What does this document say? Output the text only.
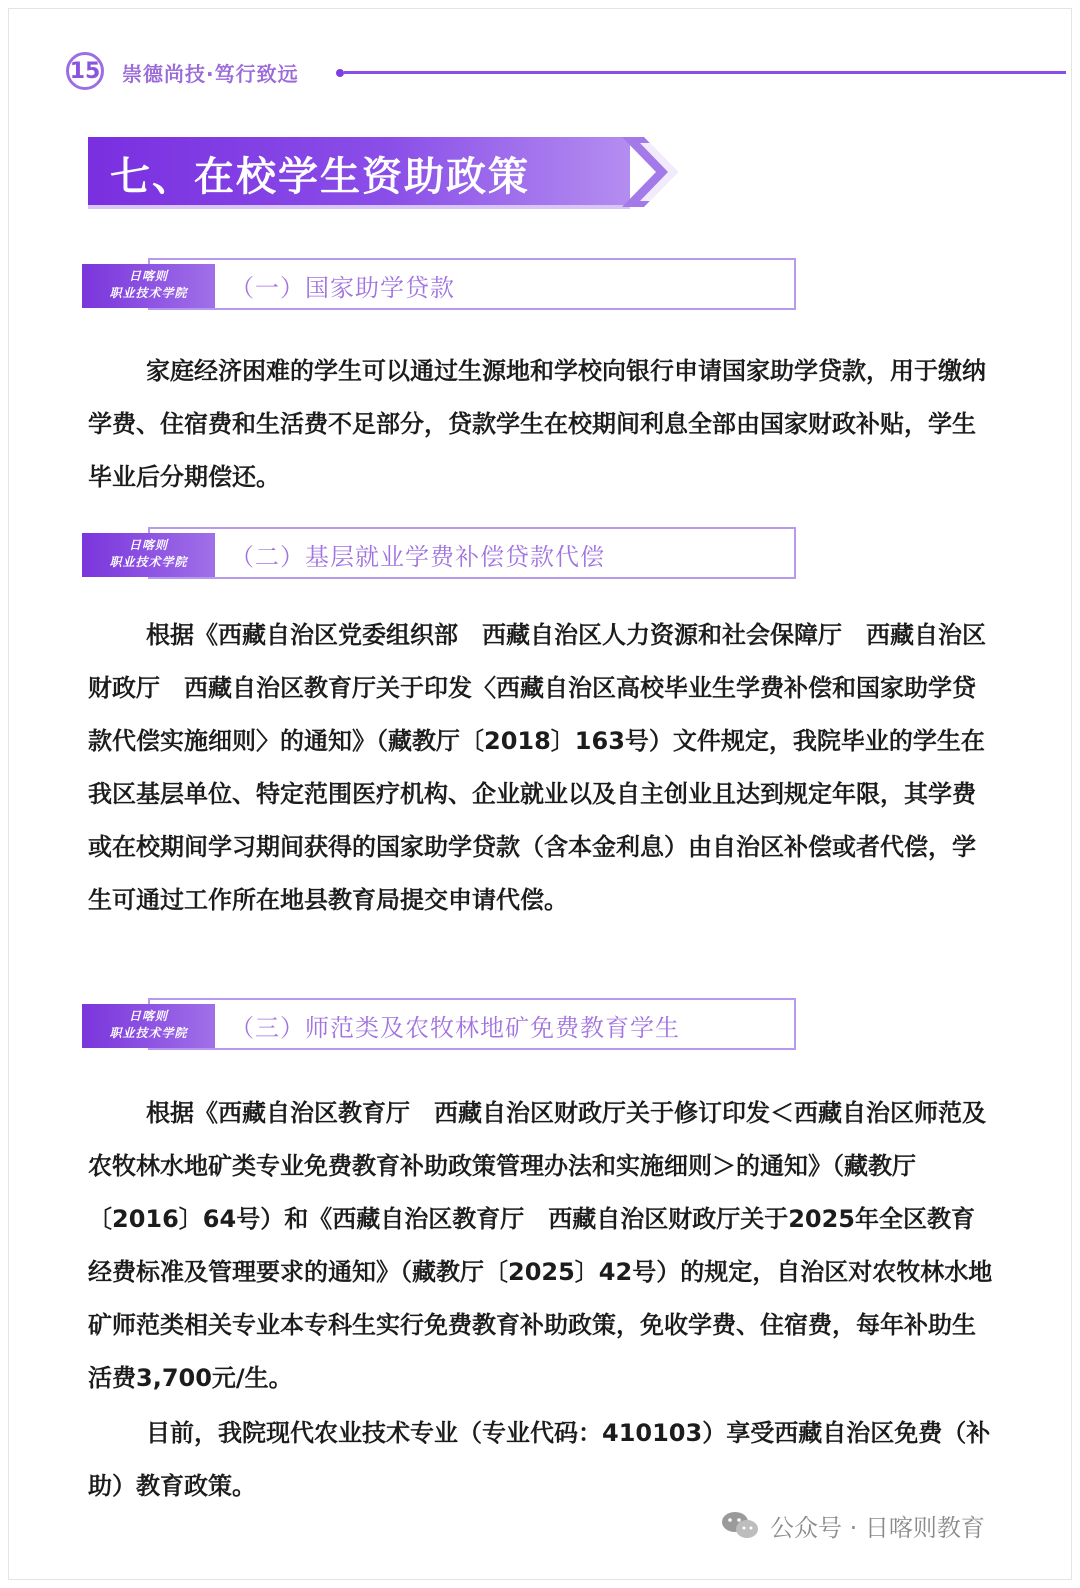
15 崇德尚技·笃行致远
七、在校学生资助政策
日喀则
职业技术学院	（一）国家助学贷款

家庭经济困难的学生可以通过生源地和学校向银行申请国家助学贷款，用于缴纳学费、住宿费和生活费不足部分，贷款学生在校期间利息全部由国家财政补贴，学生毕业后分期偿还。

日喀则
职业技术学院	（二）基层就业学费补偿贷款代偿

根据《西藏自治区党委组织部　西藏自治区人力资源和社会保障厅　西藏自治区财政厅　西藏自治区教育厅关于印发〈西藏自治区高校毕业生学费补偿和国家助学贷款代偿实施细则〉的通知》（藏教厅〔2018〕163号）文件规定，我院毕业的学生在我区基层单位、特定范围医疗机构、企业就业以及自主创业且达到规定年限，其学费或在校期间学习期间获得的国家助学贷款（含本金利息）由自治区补偿或者代偿，学生可通过工作所在地县教育局提交申请代偿。

日喀则
职业技术学院	（三）师范类及农牧林地矿免费教育学生

根据《西藏自治区教育厅　西藏自治区财政厅关于修订印发＜西藏自治区师范及农牧林水地矿类专业免费教育补助政策管理办法和实施细则＞的通知》（藏教厅〔2016〕64号）和《西藏自治区教育厅　西藏自治区财政厅关于2025年全区教育经费标准及管理要求的通知》（藏教厅〔2025〕42号）的规定，自治区对农牧林水地矿师范类相关专业本专科生实行免费教育补助政策，免收学费、住宿费，每年补助生活费3,700元/生。

目前，我院现代农业技术专业（专业代码：410103）享受西藏自治区免费（补助）教育政策。

公众号 · 日喀则教育
